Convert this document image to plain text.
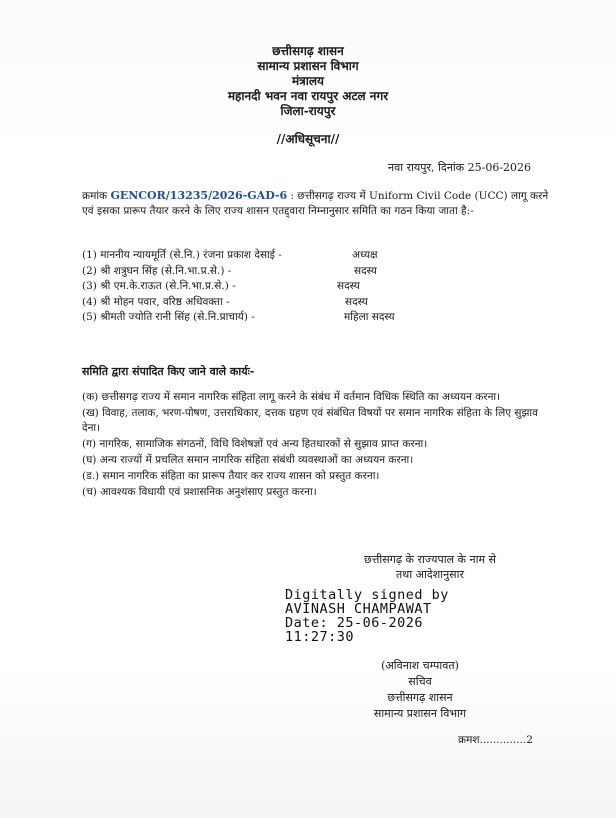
छत्तीसगढ़ शासन
सामान्य प्रशासन विभाग
मंत्रालय
महानदी भवन नवा रायपुर अटल नगर
जिला-रायपुर
//अधिसूचना//
नवा रायपुर, दिनांक 25-06-2026
क्रमांक GENCOR/13235/2026-GAD-6 : छत्तीसगढ़ राज्य में Uniform Civil Code (UCC) लागू करने एवं इसका प्रारूप तैयार करने के लिए राज्य शासन एतद्द्वारा निम्नानुसार समिति का गठन किया जाता है:-
(1) माननीय न्यायमूर्ति (से.नि.) रंजना प्रकाश देसाई -	अध्यक्ष
(2) श्री शत्रुघन सिंह (से.नि.भा.प्र.से.) -	सदस्य
(3) श्री एम.के.राऊत (से.नि.भा.प्र.से.) -	सदस्य
(4) श्री मोहन पवार, वरिष्ठ अधिवक्ता -	सदस्य
(5) श्रीमती ज्योति रानी सिंह (से.नि.प्राचार्य) -	महिला सदस्य
समिति द्वारा संपादित किए जाने वाले कार्यः-
(क) छत्तीसगढ़ राज्य में समान नागरिक संहिता लागू करने के संबंध में वर्तमान विधिक स्थिति का अध्ययन करना।
(ख) विवाह, तलाक, भरण-पोषण, उत्तराधिकार, दत्तक ग्रहण एवं संबंधित विषयों पर समान नागरिक संहिता के लिए सुझाव देना।
(ग) नागरिक, सामाजिक संगठनों, विधि विशेषज्ञों एवं अन्य हितधारकों से सुझाव प्राप्त करना।
(घ) अन्य राज्यों में प्रचलित समान नागरिक संहिता संबंधी व्यवस्थाओं का अध्ययन करना।
(ड.) समान नागरिक संहिता का प्रारूप तैयार कर राज्य शासन को प्रस्तुत करना।
(च) आवश्यक विधायी एवं प्रशासनिक अनुशंसाए प्रस्तुत करना।
छत्तीसगढ़ के राज्यपाल के नाम से
तथा आदेशानुसार
Digitally signed by
AVINASH CHAMPAWAT
Date: 25-06-2026
11:27:30
(अविनाश चम्पावत)
सचिव
छत्तीसगढ़ शासन
सामान्य प्रशासन विभाग
क्रमश..............2
